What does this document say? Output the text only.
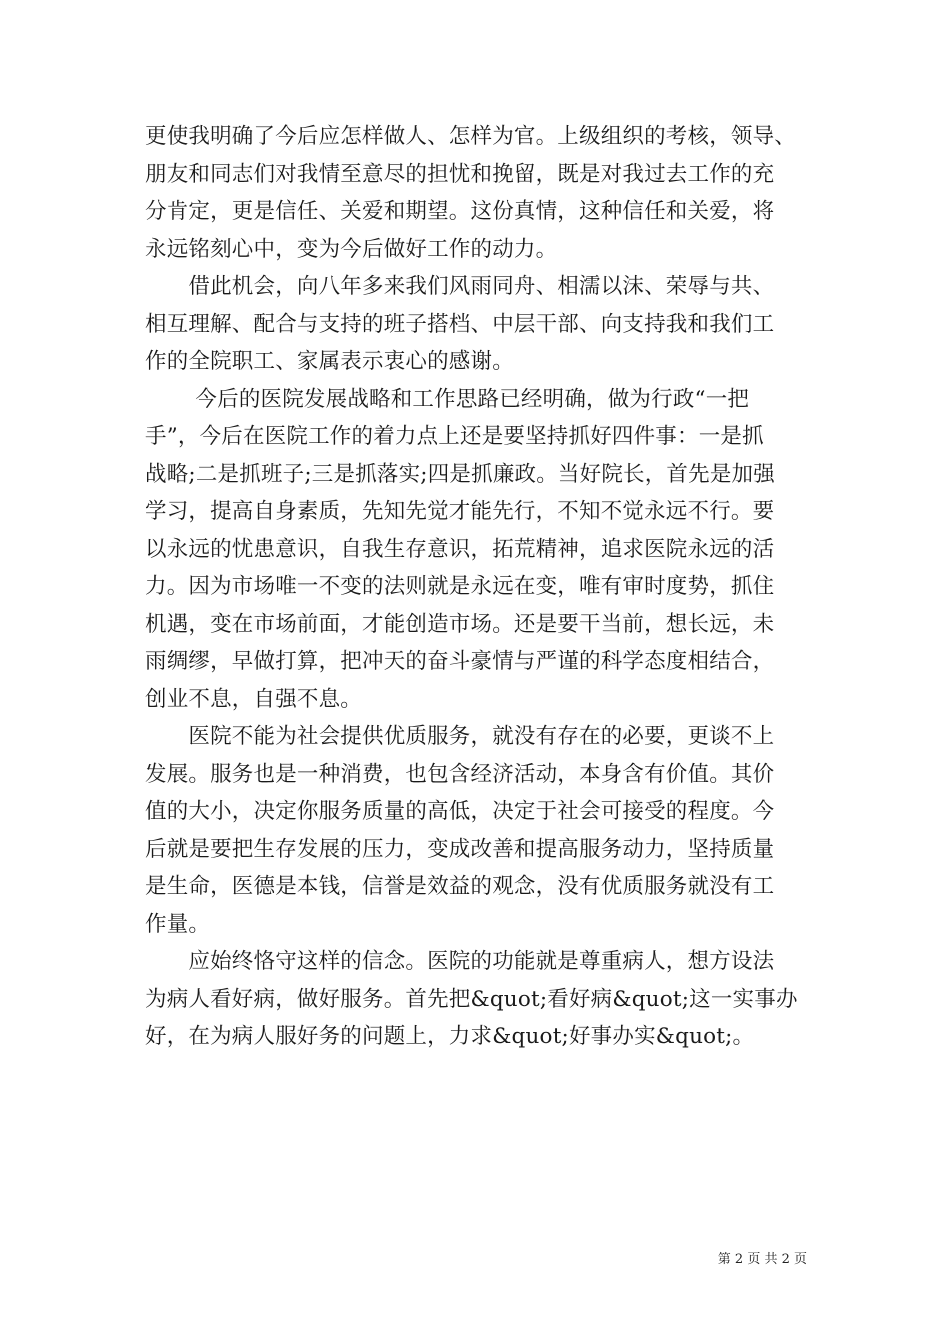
更使我明确了今后应怎样做人、怎样为官。上级组织的考核，领导、
朋友和同志们对我情至意尽的担忧和挽留，既是对我过去工作的充
分肯定，更是信任、关爱和期望。这份真情，这种信任和关爱，将
永远铭刻心中，变为今后做好工作的动力。
　　借此机会，向八年多来我们风雨同舟、相濡以沫、荣辱与共、
相互理解、配合与支持的班子搭档、中层干部、向支持我和我们工
作的全院职工、家属表示衷心的感谢。
　　 今后的医院发展战略和工作思路已经明确，做为行政“一把
手”，今后在医院工作的着力点上还是要坚持抓好四件事：一是抓
战略;二是抓班子;三是抓落实;四是抓廉政。当好院长，首先是加强
学习，提高自身素质，先知先觉才能先行，不知不觉永远不行。要
以永远的忧患意识，自我生存意识，拓荒精神，追求医院永远的活
力。因为市场唯一不变的法则就是永远在变，唯有审时度势，抓住
机遇，变在市场前面，才能创造市场。还是要干当前，想长远，未
雨绸缪，早做打算，把冲天的奋斗豪情与严谨的科学态度相结合，
创业不息，自强不息。
　　医院不能为社会提供优质服务，就没有存在的必要，更谈不上
发展。服务也是一种消费，也包含经济活动，本身含有价值。其价
值的大小，决定你服务质量的高低，决定于社会可接受的程度。今
后就是要把生存发展的压力，变成改善和提高服务动力，坚持质量
是生命，医德是本钱，信誉是效益的观念，没有优质服务就没有工
作量。
　　应始终恪守这样的信念。医院的功能就是尊重病人，想方设法
为病人看好病，做好服务。首先把&quot;看好病&quot;这一实事办
好，在为病人服好务的问题上，力求&quot;好事办实&quot;。
第 2 页 共 2 页
